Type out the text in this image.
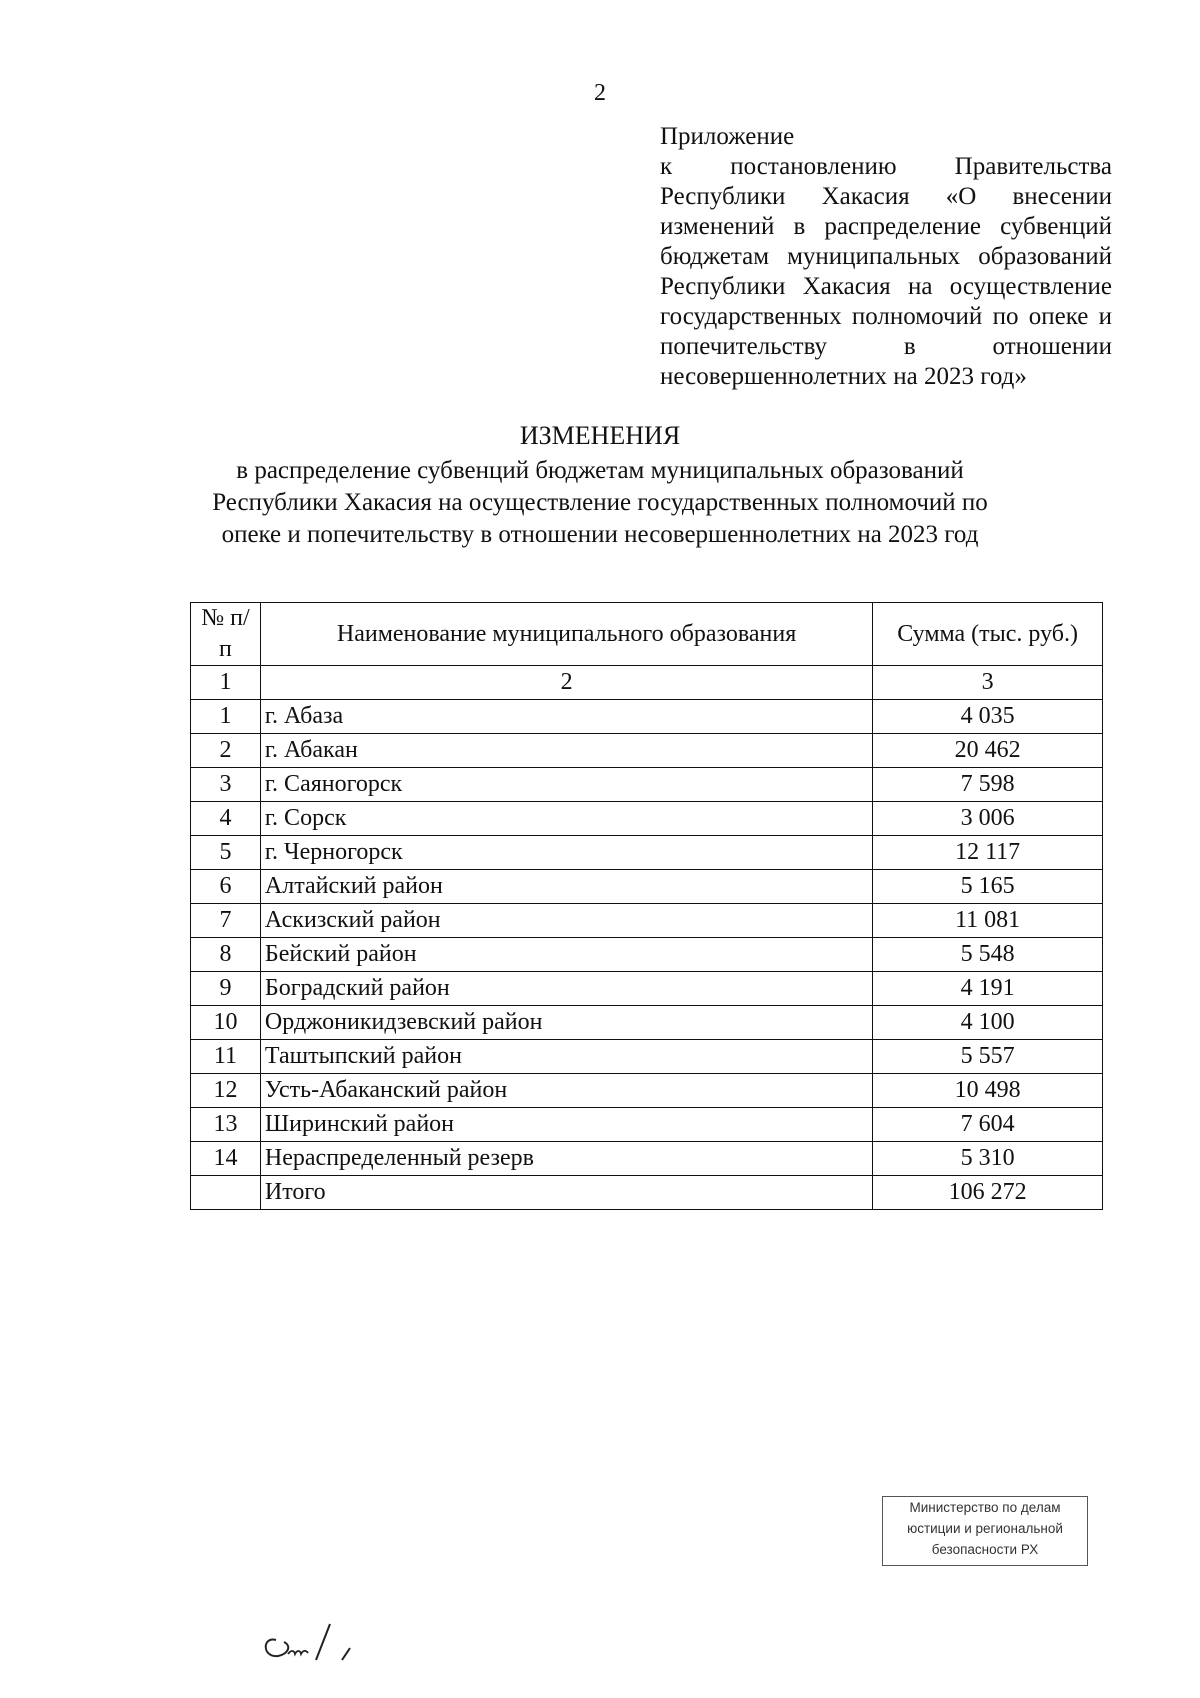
2
Приложение
к постановлению Правительства Республики Хакасия «О внесении изменений в распределение субвенций бюджетам муниципальных образований Республики Хакасия на осуществление государственных полномочий по опеке и попечительству в отношении несовершеннолетних на 2023 год»
ИЗМЕНЕНИЯ
в распределение субвенций бюджетам муниципальных образований Республики Хакасия на осуществление государственных полномочий по опеке и попечительству в отношении несовершеннолетних на 2023 год
№ п/п	Наименование муниципального образования	Сумма (тыс. руб.)
1	2	3
1	г. Абаза	4 035
2	г. Абакан	20 462
3	г. Саяногорск	7 598
4	г. Сорск	3 006
5	г. Черногорск	12 117
6	Алтайский район	5 165
7	Аскизский район	11 081
8	Бейский район	5 548
9	Боградский район	4 191
10	Орджоникидзевский район	4 100
11	Таштыпский район	5 557
12	Усть-Абаканский район	10 498
13	Ширинский район	7 604
14	Нераспределенный резерв	5 310
	Итого	106 272
Министерство по делам
юстиции и региональной
безопасности РХ
